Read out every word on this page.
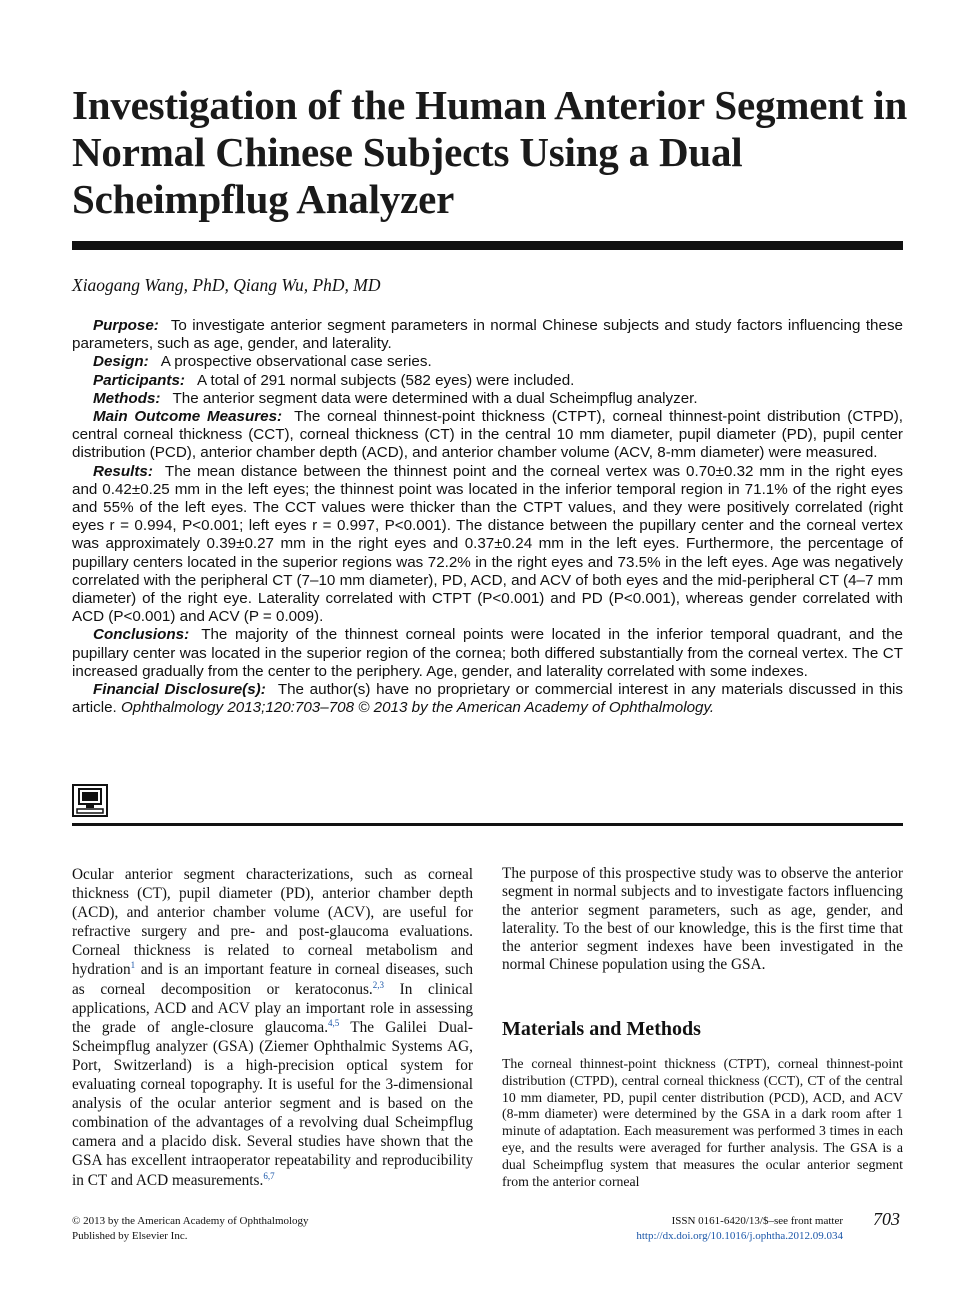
Investigation of the Human Anterior Segment in Normal Chinese Subjects Using a Dual Scheimpflug Analyzer
Xiaogang Wang, PhD, Qiang Wu, PhD, MD

Purpose: To investigate anterior segment parameters in normal Chinese subjects and study factors influencing these parameters, such as age, gender, and laterality.

Design: A prospective observational case series.

Participants: A total of 291 normal subjects (582 eyes) were included.

Methods: The anterior segment data were determined with a dual Scheimpflug analyzer.

Main Outcome Measures: The corneal thinnest-point thickness (CTPT), corneal thinnest-point distribution (CTPD), central corneal thickness (CCT), corneal thickness (CT) in the central 10 mm diameter, pupil diameter (PD), pupil center distribution (PCD), anterior chamber depth (ACD), and anterior chamber volume (ACV, 8-mm diameter) were measured.

Results: The mean distance between the thinnest point and the corneal vertex was 0.70±0.32 mm in the right eyes and 0.42±0.25 mm in the left eyes; the thinnest point was located in the inferior temporal region in 71.1% of the right eyes and 55% of the left eyes. The CCT values were thicker than the CTPT values, and they were positively correlated (right eyes r = 0.994, P<0.001; left eyes r = 0.997, P<0.001). The distance between the pupillary center and the corneal vertex was approximately 0.39±0.27 mm in the right eyes and 0.37±0.24 mm in the left eyes. Furthermore, the percentage of pupillary centers located in the superior regions was 72.2% in the right eyes and 73.5% in the left eyes. Age was negatively correlated with the peripheral CT (7–10 mm diameter), PD, ACD, and ACV of both eyes and the mid-peripheral CT (4–7 mm diameter) of the right eye. Laterality correlated with CTPT (P<0.001) and PD (P<0.001), whereas gender correlated with ACD (P<0.001) and ACV (P = 0.009).

Conclusions: The majority of the thinnest corneal points were located in the inferior temporal quadrant, and the pupillary center was located in the superior region of the cornea; both differed substantially from the corneal vertex. The CT increased gradually from the center to the periphery. Age, gender, and laterality correlated with some indexes.

Financial Disclosure(s): The author(s) have no proprietary or commercial interest in any materials discussed in this article. Ophthalmology 2013;120:703–708 © 2013 by the American Academy of Ophthalmology.

Ocular anterior segment characterizations, such as corneal thickness (CT), pupil diameter (PD), anterior chamber depth (ACD), and anterior chamber volume (ACV), are useful for refractive surgery and pre- and post-glaucoma evaluations. Corneal thickness is related to corneal metabolism and hydration$^1$ and is an important feature in corneal diseases, such as corneal decomposition or keratoconus.$^{2,3}$ In clinical applications, ACD and ACV play an important role in assessing the grade of angle-closure glaucoma.$^{4,5}$ The Galilei Dual-Scheimpflug analyzer (GSA) (Ziemer Ophthalmic Systems AG, Port, Switzerland) is a high-precision optical system for evaluating corneal topography. It is useful for the 3-dimensional analysis of the ocular anterior segment and is based on the combination of the advantages of a revolving dual Scheimpflug camera and a placido disk. Several studies have shown that the GSA has excellent intraoperator repeatability and reproducibility in CT and ACD measurements.$^{6,7}$

The purpose of this prospective study was to observe the anterior segment in normal subjects and to investigate factors influencing the anterior segment parameters, such as age, gender, and laterality. To the best of our knowledge, this is the first time that the anterior segment indexes have been investigated in the normal Chinese population using the GSA.

Materials and Methods

The corneal thinnest-point thickness (CTPT), corneal thinnest-point distribution (CTPD), central corneal thickness (CCT), CT of the central 10 mm diameter, PD, pupil center distribution (PCD), ACD, and ACV (8-mm diameter) were determined by the GSA in a dark room after 1 minute of adaptation. Each measurement was performed 3 times in each eye, and the results were averaged for further analysis. The GSA is a dual Scheimpflug system that measures the ocular anterior segment from the anterior corneal

© 2013 by the American Academy of Ophthalmology
Published by Elsevier Inc.
ISSN 0161-6420/13/$–see front matter
http://dx.doi.org/10.1016/j.ophtha.2012.09.034
703
